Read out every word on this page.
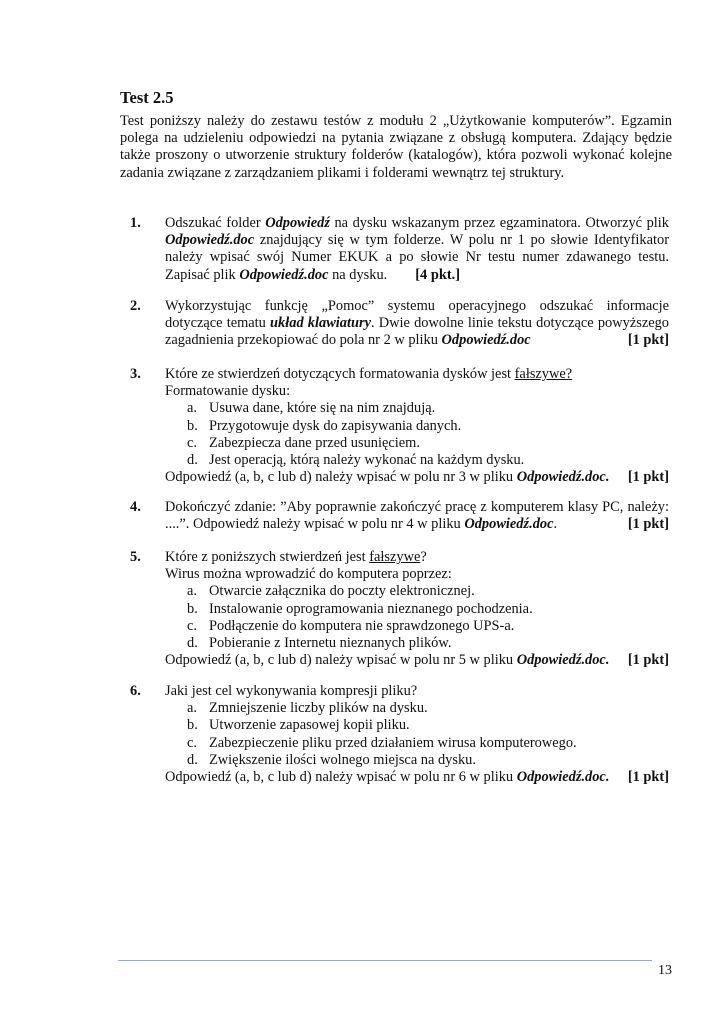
Test 2.5
Test poniższy należy do zestawu testów z modułu 2 „Użytkowanie komputerów”. Egzamin
polega na udzieleniu odpowiedzi na pytania związane z obsługą komputera. Zdający będzie
także proszony o utworzenie struktury folderów (katalogów), która pozwoli wykonać kolejne
zadania związane z zarządzaniem plikami i folderami wewnątrz tej struktury.
1. Odszukać folder Odpowiedź na dysku wskazanym przez egzaminatora. Otworzyć plik
Odpowiedź.doc znajdujący się w tym folderze. W polu nr 1 po słowie Identyfikator
należy wpisać swój Numer EKUK a po słowie Nr testu numer zdawanego testu.
Zapisać plik Odpowiedź.doc na dysku. [4 pkt.]
2. Wykorzystując funkcję „Pomoc” systemu operacyjnego odszukać informacje
dotyczące tematu układ klawiatury. Dwie dowolne linie tekstu dotyczące powyższego
zagadnienia przekopiować do pola nr 2 w pliku Odpowiedź.doc	[1 pkt]
3. Które ze stwierdzeń dotyczących formatowania dysków jest fałszywe?
Formatowanie dysku:
a. Usuwa dane, które się na nim znajdują.
b. Przygotowuje dysk do zapisywania danych.
c. Zabezpiecza dane przed usunięciem.
d. Jest operacją, którą należy wykonać na każdym dysku.
Odpowiedź (a, b, c lub d) należy wpisać w polu nr 3 w pliku Odpowiedź.doc. [1 pkt]
4. Dokończyć zdanie: ”Aby poprawnie zakończyć pracę z komputerem klasy PC, należy:
....”. Odpowiedź należy wpisać w polu nr 4 w pliku Odpowiedź.doc.	[1 pkt]
5. Które z poniższych stwierdzeń jest fałszywe?
Wirus można wprowadzić do komputera poprzez:
a. Otwarcie załącznika do poczty elektronicznej.
b. Instalowanie oprogramowania nieznanego pochodzenia.
c. Podłączenie do komputera nie sprawdzonego UPS-a.
d. Pobieranie z Internetu nieznanych plików.
Odpowiedź (a, b, c lub d) należy wpisać w polu nr 5 w pliku Odpowiedź.doc. [1 pkt]
6. Jaki jest cel wykonywania kompresji pliku?
a. Zmniejszenie liczby plików na dysku.
b. Utworzenie zapasowej kopii pliku.
c. Zabezpieczenie pliku przed działaniem wirusa komputerowego.
d. Zwiększenie ilości wolnego miejsca na dysku.
Odpowiedź (a, b, c lub d) należy wpisać w polu nr 6 w pliku Odpowiedź.doc. [1 pkt]
13
